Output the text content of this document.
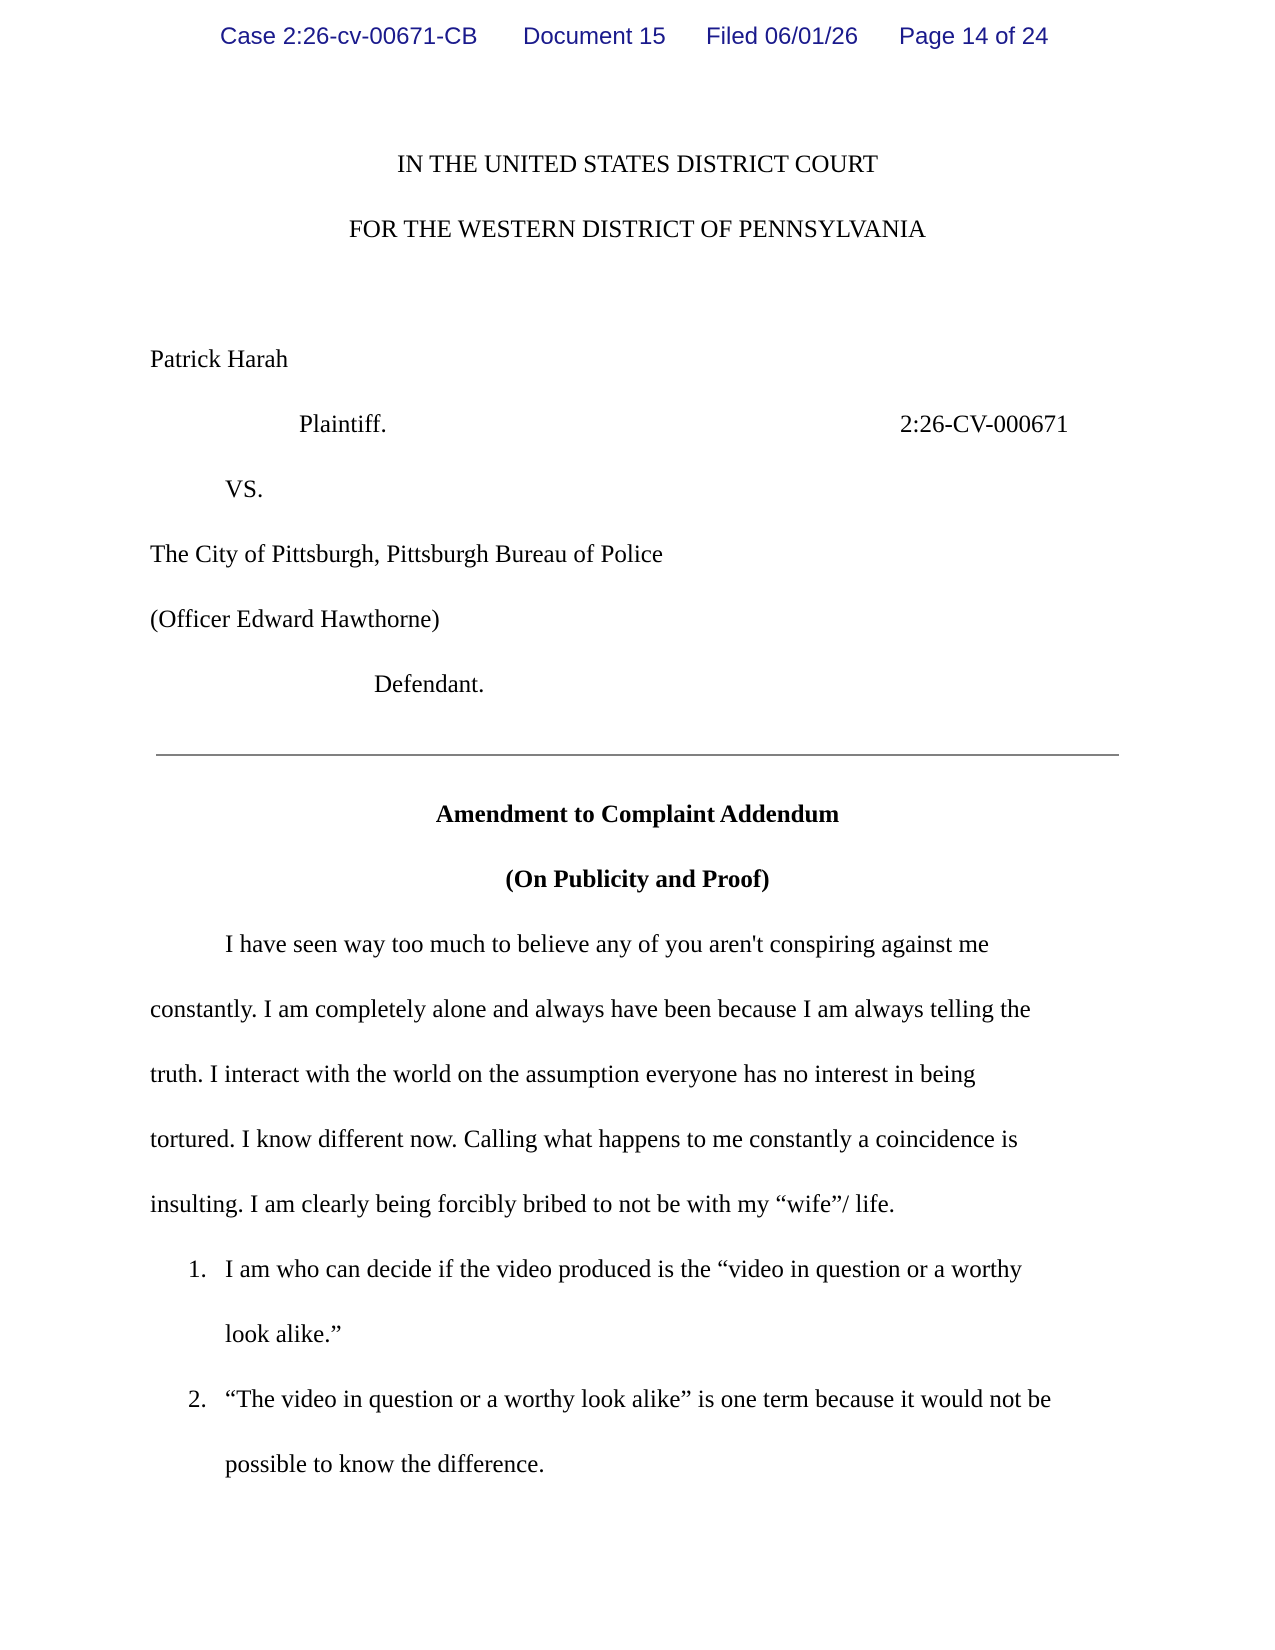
Case 2:26-cv-00671-CB Document 15 Filed 06/01/26 Page 14 of 24
IN THE UNITED STATES DISTRICT COURT
FOR THE WESTERN DISTRICT OF PENNSYLVANIA
Patrick Harah
Plaintiff.	2:26-CV-000671
VS.
The City of Pittsburgh, Pittsburgh Bureau of Police
(Officer Edward Hawthorne)
Defendant.
Amendment to Complaint Addendum
(On Publicity and Proof)
I have seen way too much to believe any of you aren't conspiring against me
constantly. I am completely alone and always have been because I am always telling the
truth. I interact with the world on the assumption everyone has no interest in being
tortured. I know different now. Calling what happens to me constantly a coincidence is
insulting. I am clearly being forcibly bribed to not be with my “wife”/ life.
1. I am who can decide if the video produced is the “video in question or a worthy
look alike.”
2. “The video in question or a worthy look alike” is one term because it would not be
possible to know the difference.
